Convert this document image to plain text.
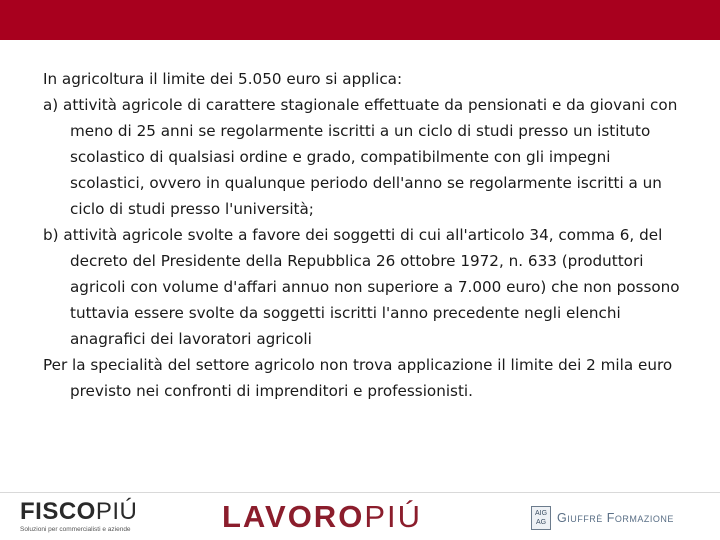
In agricoltura il limite dei 5.050 euro si applica:

a) attività agricole di carattere stagionale effettuate da pensionati e da giovani con meno di 25 anni se regolarmente iscritti a un ciclo di studi presso un istituto scolastico di qualsiasi ordine e grado, compatibilmente con gli impegni scolastici, ovvero in qualunque periodo dell'anno se regolarmente iscritti a un ciclo di studi presso l'università;

b) attività agricole svolte a favore dei soggetti di cui all'articolo 34, comma 6, del decreto del Presidente della Repubblica 26 ottobre 1972, n. 633 (produttori agricoli con volume d'affari annuo non superiore a 7.000 euro) che non possono tuttavia essere svolte da soggetti iscritti l'anno precedente negli elenchi anagrafici dei lavoratori agricoli

Per la specialità del settore agricolo non trova applicazione il limite dei 2 mila euro previsto nei confronti di imprenditori e professionisti.

FISCOPIÚ
Soluzioni per commercialisti e aziende	LAVOROPIÚ	AIG
AG Giuffrè Formazione
